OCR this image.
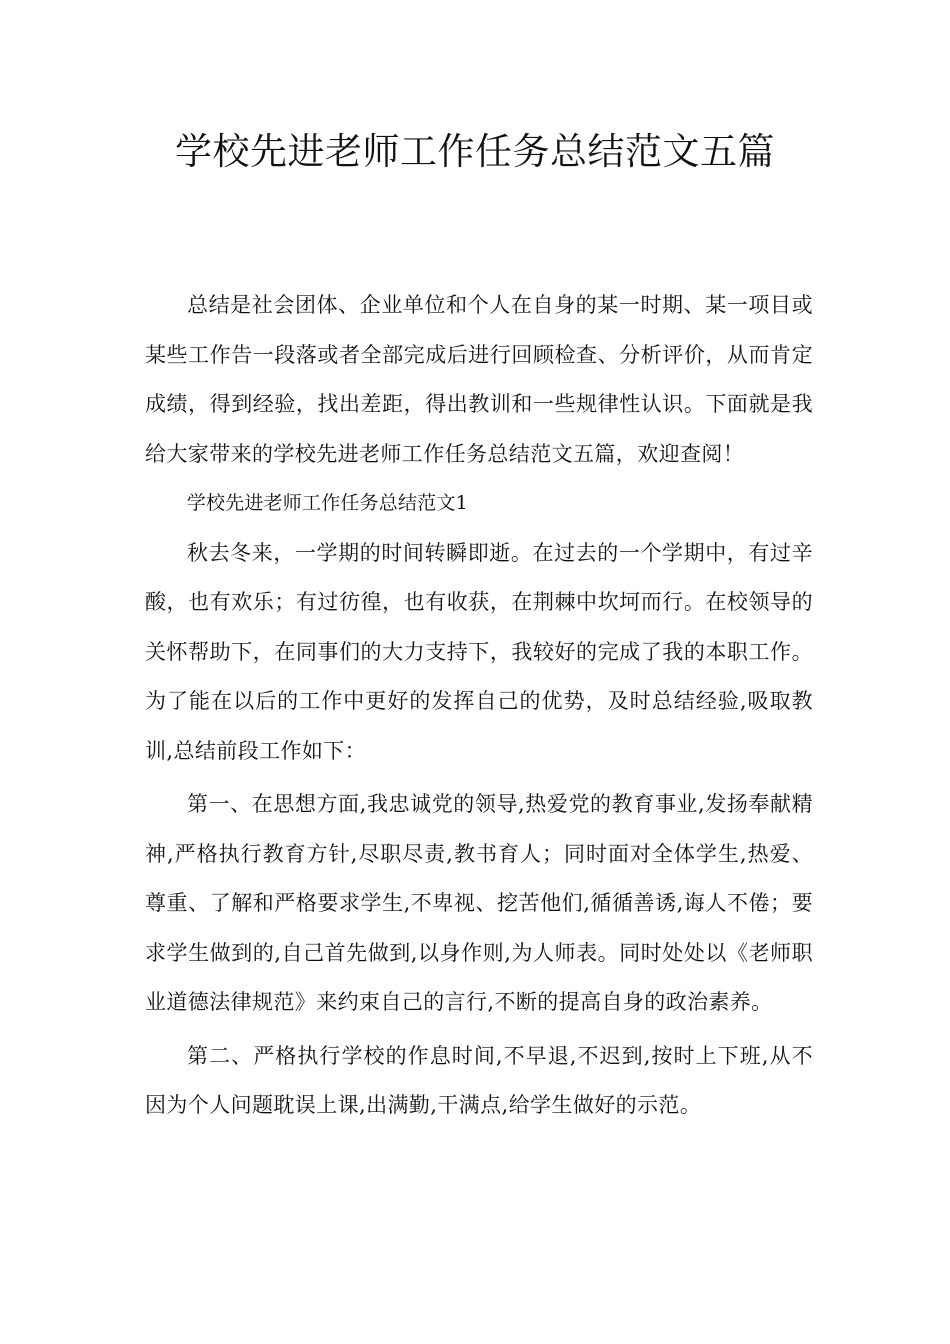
学校先进老师工作任务总结范文五篇

总结是社会团体、企业单位和个人在自身的某一时期、某一项目或某些工作告一段落或者全部完成后进行回顾检查、分析评价，从而肯定成绩，得到经验，找出差距，得出教训和一些规律性认识。下面就是我给大家带来的学校先进老师工作任务总结范文五篇，欢迎查阅！

学校先进老师工作任务总结范文1

秋去冬来，一学期的时间转瞬即逝。在过去的一个学期中，有过辛酸，也有欢乐；有过彷徨，也有收获，在荆棘中坎坷而行。在校领导的关怀帮助下，在同事们的大力支持下，我较好的完成了我的本职工作。为了能在以后的工作中更好的发挥自己的优势，及时总结经验,吸取教训,总结前段工作如下：

第一、在思想方面,我忠诚党的领导,热爱党的教育事业,发扬奉献精神,严格执行教育方针,尽职尽责,教书育人；同时面对全体学生,热爱、尊重、了解和严格要求学生,不卑视、挖苦他们,循循善诱,诲人不倦；要求学生做到的,自己首先做到,以身作则,为人师表。同时处处以《老师职业道德法律规范》来约束自己的言行,不断的提高自身的政治素养。

第二、严格执行学校的作息时间,不早退,不迟到,按时上下班,从不因为个人问题耽误上课,出满勤,干满点,给学生做好的示范。
